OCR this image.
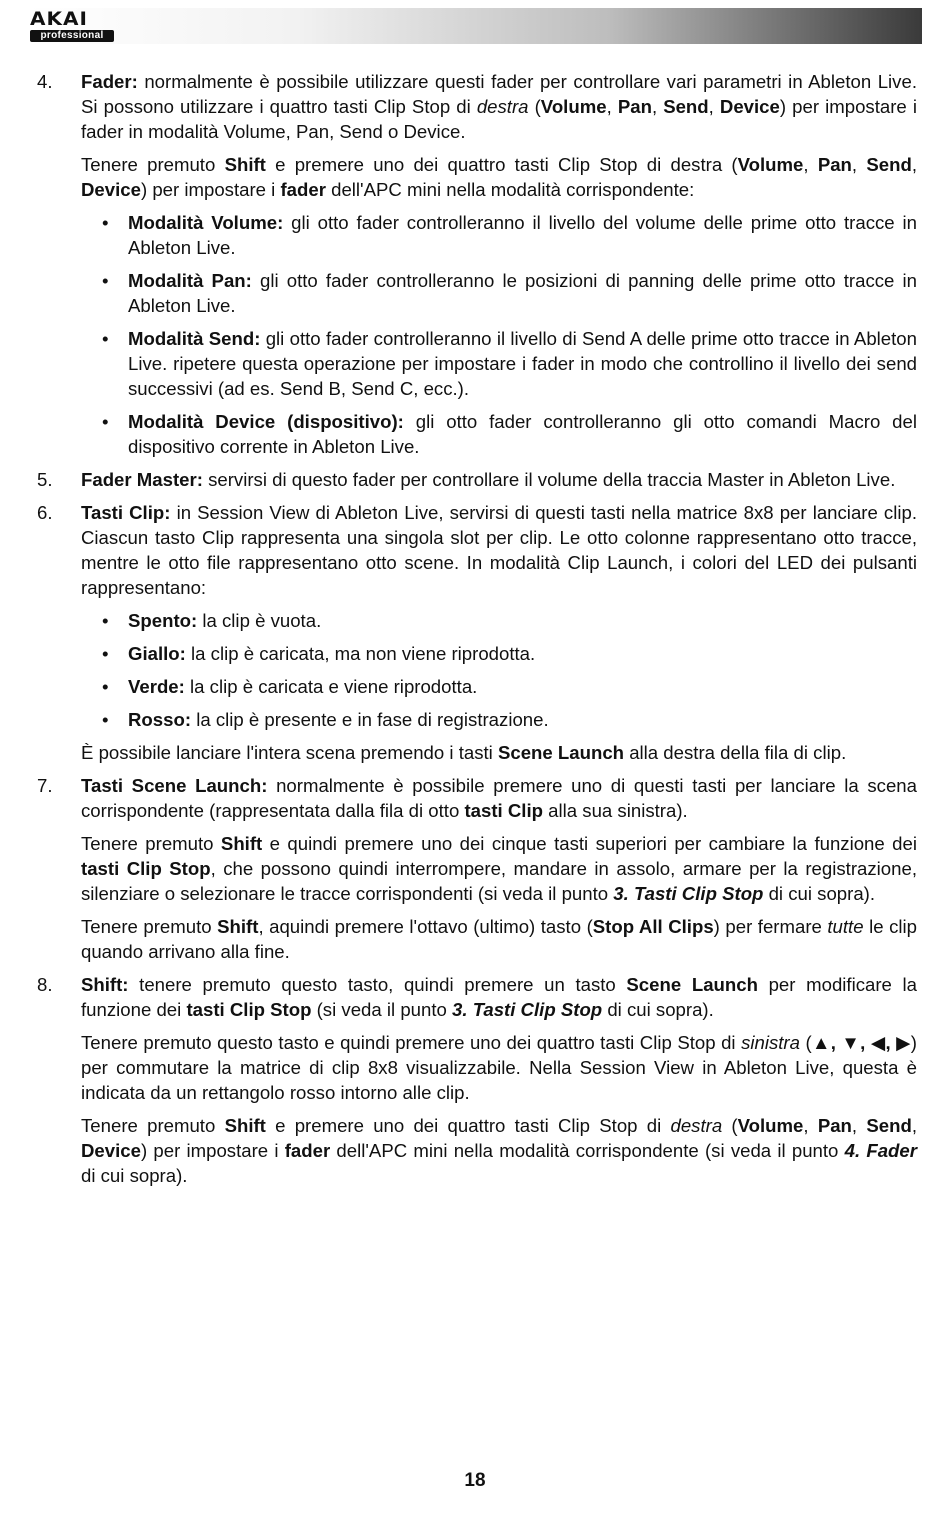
AKAI
professional
4. Fader: normalmente è possibile utilizzare questi fader per controllare vari parametri in Ableton Live. Si possono utilizzare i quattro tasti Clip Stop di destra (Volume, Pan, Send, Device) per impostare i fader in modalità Volume, Pan, Send o Device.

Tenere premuto Shift e premere uno dei quattro tasti Clip Stop di destra (Volume, Pan, Send, Device) per impostare i fader dell'APC mini nella modalità corrispondente:

• Modalità Volume: gli otto fader controlleranno il livello del volume delle prime otto tracce in Ableton Live.
• Modalità Pan: gli otto fader controlleranno le posizioni di panning delle prime otto tracce in Ableton Live.
• Modalità Send: gli otto fader controlleranno il livello di Send A delle prime otto tracce in Ableton Live. ripetere questa operazione per impostare i fader in modo che controllino il livello dei send successivi (ad es. Send B, Send C, ecc.).
• Modalità Device (dispositivo): gli otto fader controlleranno gli otto comandi Macro del dispositivo corrente in Ableton Live.
5. Fader Master: servirsi di questo fader per controllare il volume della traccia Master in Ableton Live.

6. Tasti Clip: in Session View di Ableton Live, servirsi di questi tasti nella matrice 8x8 per lanciare clip. Ciascun tasto Clip rappresenta una singola slot per clip. Le otto colonne rappresentano otto tracce, mentre le otto file rappresentano otto scene. In modalità Clip Launch, i colori del LED dei pulsanti rappresentano:

• Spento: la clip è vuota.
• Giallo: la clip è caricata, ma non viene riprodotta.
• Verde: la clip è caricata e viene riprodotta.
• Rosso: la clip è presente e in fase di registrazione.

È possibile lanciare l'intera scena premendo i tasti Scene Launch alla destra della fila di clip.

7. Tasti Scene Launch: normalmente è possibile premere uno di questi tasti per lanciare la scena corrispondente (rappresentata dalla fila di otto tasti Clip alla sua sinistra).

Tenere premuto Shift e quindi premere uno dei cinque tasti superiori per cambiare la funzione dei tasti Clip Stop, che possono quindi interrompere, mandare in assolo, armare per la registrazione, silenziare o selezionare le tracce corrispondenti (si veda il punto 3. Tasti Clip Stop di cui sopra).

Tenere premuto Shift, aquindi premere l'ottavo (ultimo) tasto (Stop All Clips) per fermare tutte le clip quando arrivano alla fine.

8. Shift: tenere premuto questo tasto, quindi premere un tasto Scene Launch per modificare la funzione dei tasti Clip Stop (si veda il punto 3. Tasti Clip Stop di cui sopra).

Tenere premuto questo tasto e quindi premere uno dei quattro tasti Clip Stop di sinistra (▲, ▼, ◀, ▶) per commutare la matrice di clip 8x8 visualizzabile. Nella Session View in Ableton Live, questa è indicata da un rettangolo rosso intorno alle clip.

Tenere premuto Shift e premere uno dei quattro tasti Clip Stop di destra (Volume, Pan, Send, Device) per impostare i fader dell'APC mini nella modalità corrispondente (si veda il punto 4. Fader di cui sopra).

18
